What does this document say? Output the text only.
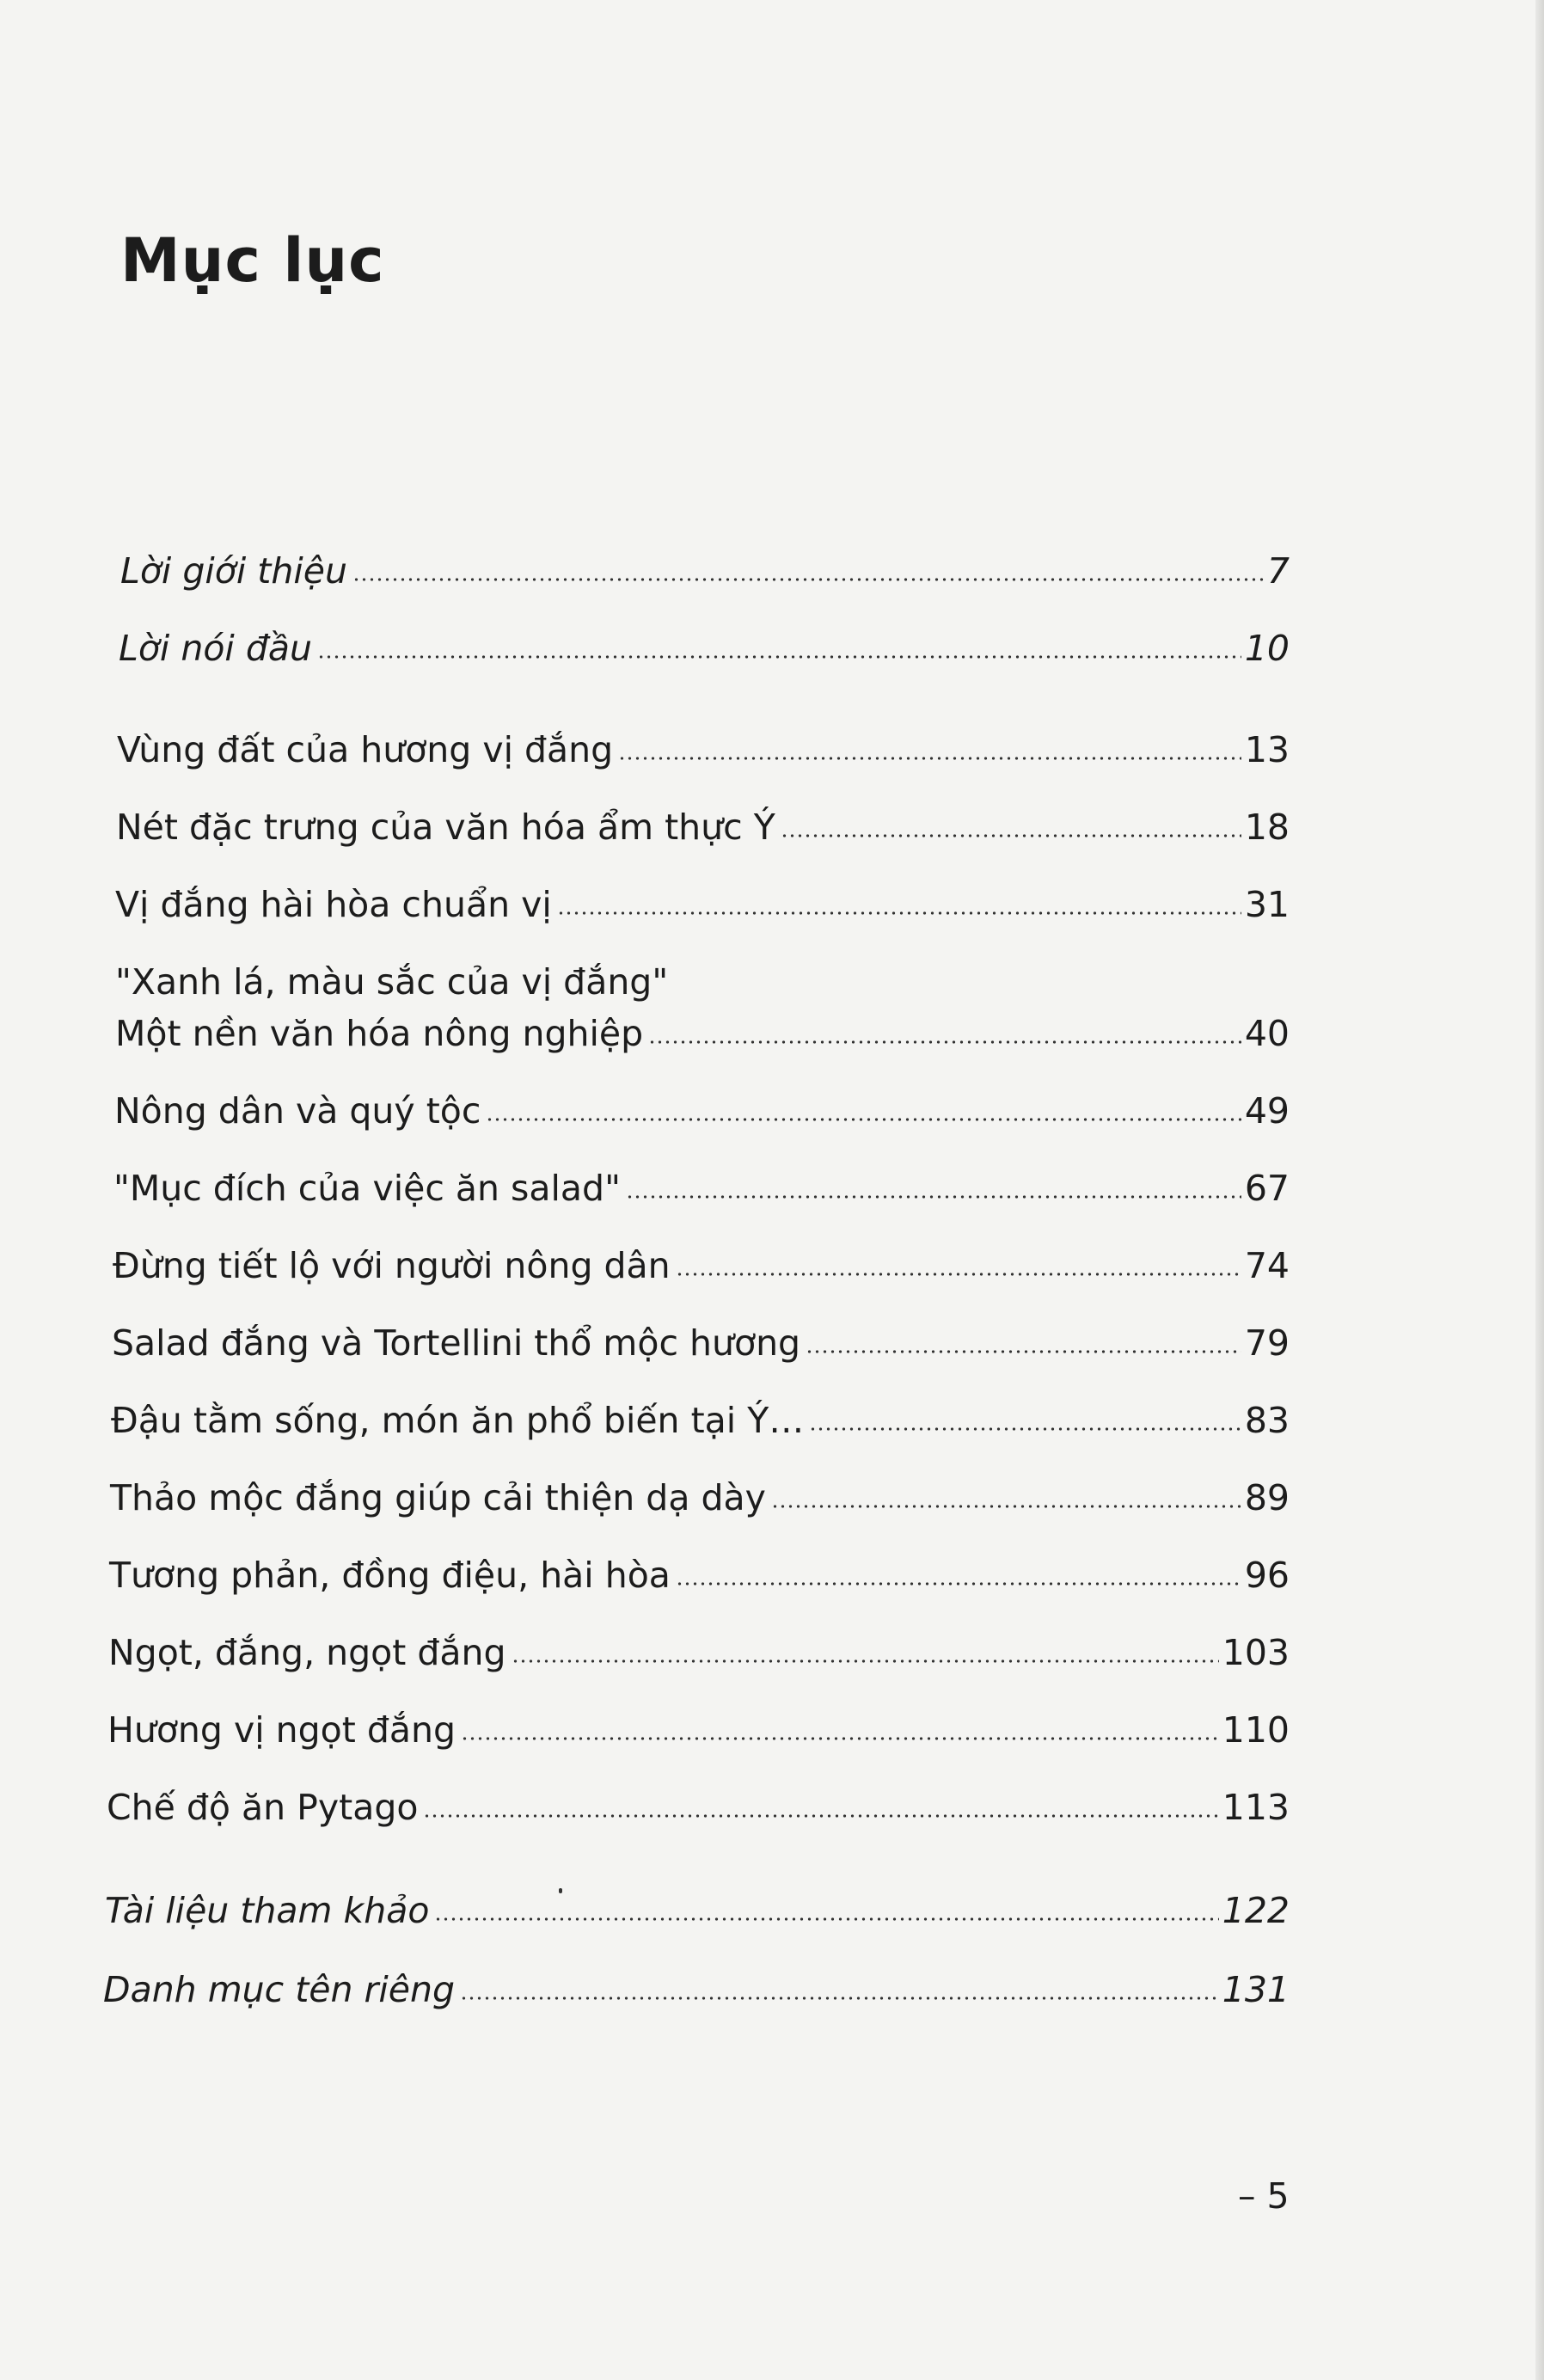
Mục lục
Lời giới thiệu	7
Lời nói đầu	10
Vùng đất của hương vị đắng	13
Nét đặc trưng của văn hóa ẩm thực Ý	18
Vị đắng hài hòa chuẩn vị	31
"Xanh lá, màu sắc của vị đắng"
Một nền văn hóa nông nghiệp	40
Nông dân và quý tộc	49
"Mục đích của việc ăn salad"	67
Đừng tiết lộ với người nông dân	74
Salad đắng và Tortellini thổ mộc hương	79
Đậu tằm sống, món ăn phổ biến tại Ý…	83
Thảo mộc đắng giúp cải thiện dạ dày	89
Tương phản, đồng điệu, hài hòa	96
Ngọt, đắng, ngọt đắng	103
Hương vị ngọt đắng	110
Chế độ ăn Pytago	113
Tài liệu tham khảo	122
Danh mục tên riêng	131
– 5
